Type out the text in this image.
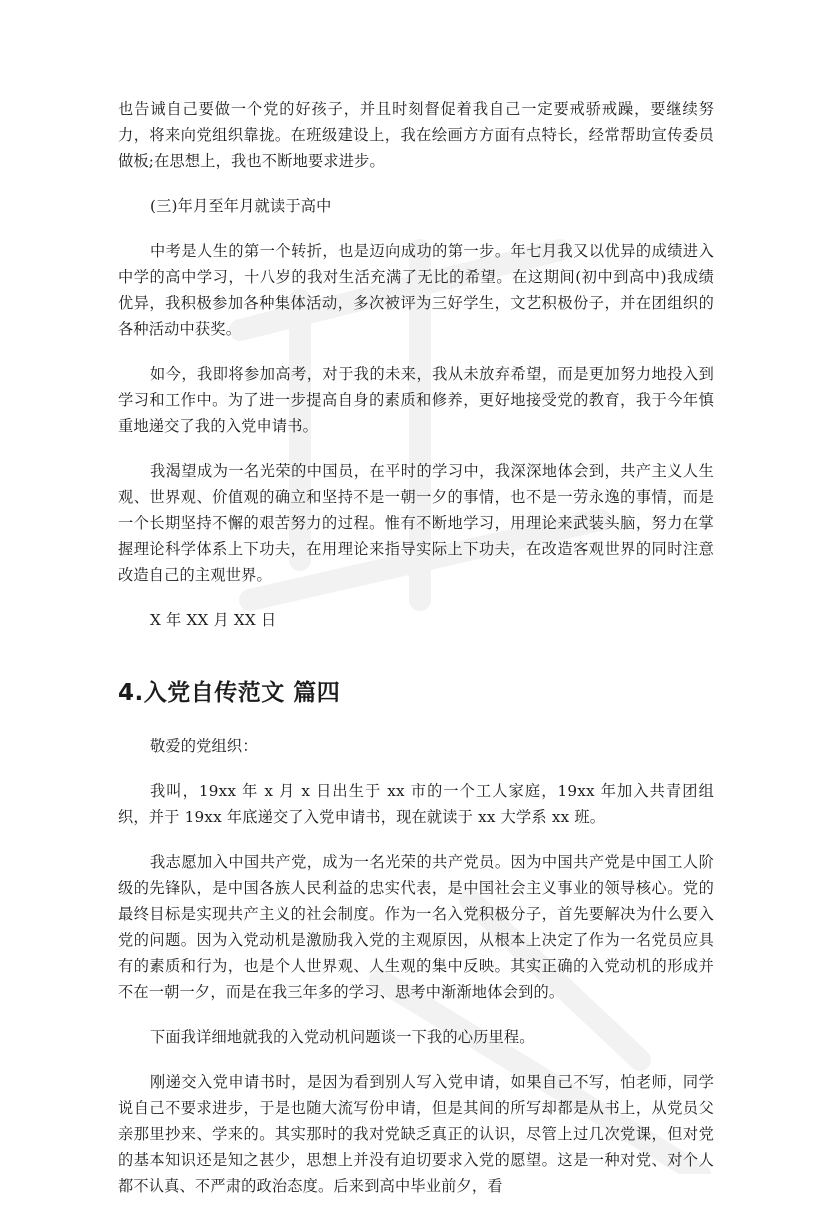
也告诫自己要做一个党的好孩子，并且时刻督促着我自己一定要戒骄戒躁，要继续努力，将来向党组织靠拢。在班级建设上，我在绘画方方面有点特长，经常帮助宣传委员做板;在思想上，我也不断地要求进步。

(三)年月至年月就读于高中

中考是人生的第一个转折，也是迈向成功的第一步。年七月我又以优异的成绩进入中学的高中学习，十八岁的我对生活充满了无比的希望。在这期间(初中到高中)我成绩优异，我积极参加各种集体活动，多次被评为三好学生，文艺积极份子，并在团组织的各种活动中获奖。

如今，我即将参加高考，对于我的未来，我从未放弃希望，而是更加努力地投入到学习和工作中。为了进一步提高自身的素质和修养，更好地接受党的教育，我于今年慎重地递交了我的入党申请书。

我渴望成为一名光荣的中国员，在平时的学习中，我深深地体会到，共产主义人生观、世界观、价值观的确立和坚持不是一朝一夕的事情，也不是一劳永逸的事情，而是一个长期坚持不懈的艰苦努力的过程。惟有不断地学习，用理论来武装头脑，努力在掌握理论科学体系上下功夫，在用理论来指导实际上下功夫，在改造客观世界的同时注意改造自己的主观世界。

X 年 XX 月 XX 日

4.入党自传范文 篇四

敬爱的党组织：

我叫，19xx 年 x 月 x 日出生于 xx 市的一个工人家庭，19xx 年加入共青团组织，并于 19xx 年底递交了入党申请书，现在就读于 xx 大学系 xx 班。

我志愿加入中国共产党，成为一名光荣的共产党员。因为中国共产党是中国工人阶级的先锋队，是中国各族人民利益的忠实代表，是中国社会主义事业的领导核心。党的最终目标是实现共产主义的社会制度。作为一名入党积极分子，首先要解决为什么要入党的问题。因为入党动机是激励我入党的主观原因，从根本上决定了作为一名党员应具有的素质和行为，也是个人世界观、人生观的集中反映。其实正确的入党动机的形成并不在一朝一夕，而是在我三年多的学习、思考中渐渐地体会到的。

下面我详细地就我的入党动机问题谈一下我的心历里程。

刚递交入党申请书时，是因为看到别人写入党申请，如果自己不写，怕老师，同学说自己不要求进步，于是也随大流写份申请，但是其间的所写却都是从书上，从党员父亲那里抄来、学来的。其实那时的我对党缺乏真正的认识，尽管上过几次党课，但对党的基本知识还是知之甚少，思想上并没有迫切要求入党的愿望。这是一种对党、对个人都不认真、不严肃的政治态度。后来到高中毕业前夕，看
